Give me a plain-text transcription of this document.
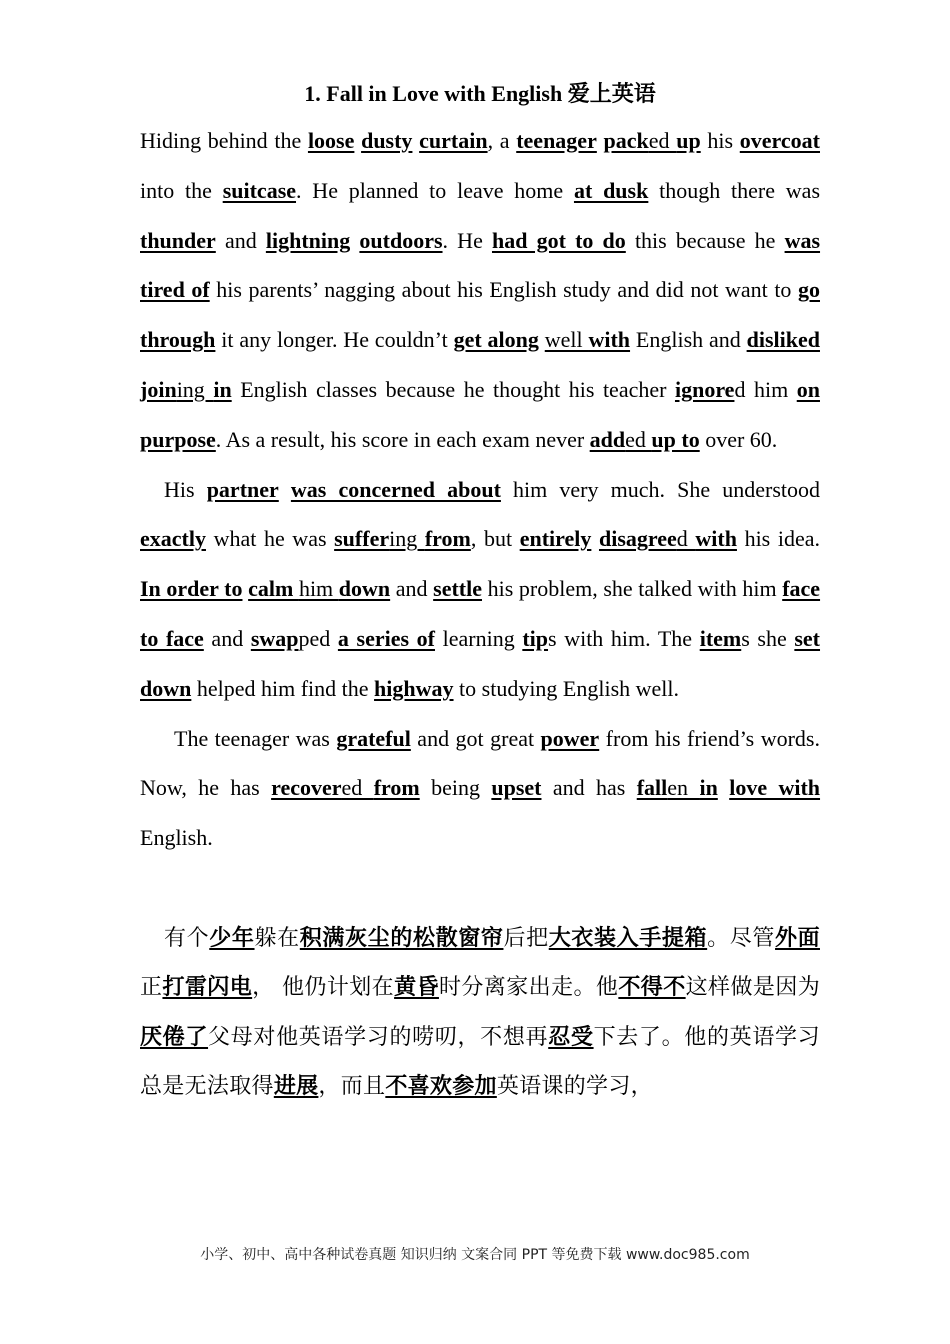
1. Fall in Love with English 爱上英语

Hiding behind the loose dusty curtain, a teenager packed up his overcoat into the suitcase. He planned to leave home at dusk though there was thunder and lightning outdoors. He had got to do this because he was tired of his parents’ nagging about his English study and did not want to go through it any longer. He couldn’t get along well with English and disliked joining in English classes because he thought his teacher ignored him on purpose. As a result, his score in each exam never added up to over 60.

His partner was concerned about him very much. She understood exactly what he was suffering from, but entirely disagreed with his idea. In order to calm him down and settle his problem, she talked with him face to face and swapped a series of learning tips with him. The items she set down helped him find the highway to studying English well.

The teenager was grateful and got great power from his friend’s words. Now, he has recovered from being upset and has fallen in love with English.

有个少年躲在积满灰尘的松散窗帘后把大衣装入手提箱。尽管外面正打雷闪电， 他仍计划在黄昏时分离家出走。他不得不这样做是因为厌倦了父母对他英语学习的唠叨，不想再忍受下去了。他的英语学习总是无法取得进展，而且不喜欢参加英语课的学习，

小学、初中、高中各种试卷真题 知识归纳 文案合同 PPT 等免费下载 www.doc985.com
